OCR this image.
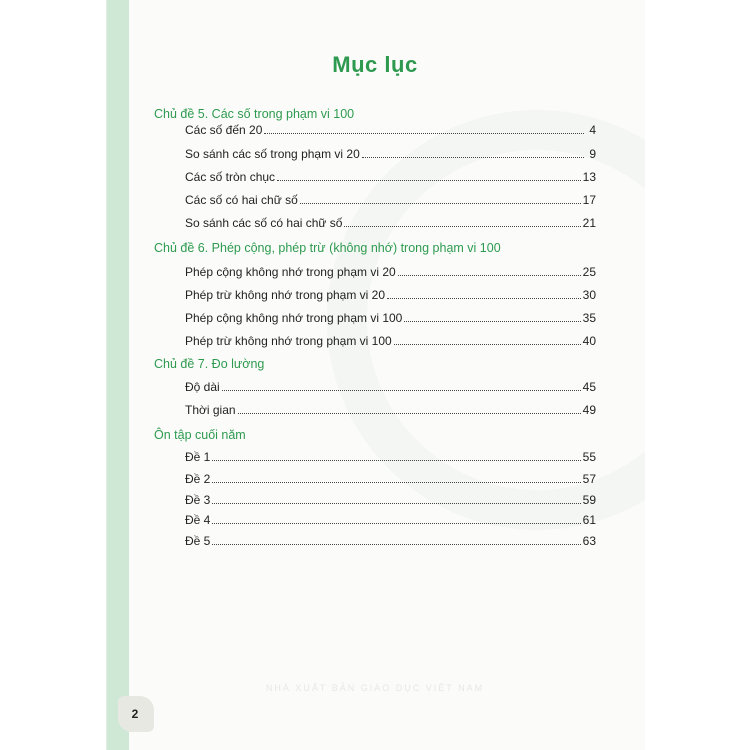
Mục lục
Chủ đề 5. Các số trong phạm vi 100
Các số đến 20	4
So sánh các số trong phạm vi 20	9
Các số tròn chục	13
Các số có hai chữ số	17
So sánh các số có hai chữ số	21
Chủ đề 6. Phép cộng, phép trừ (không nhớ) trong phạm vi 100
Phép cộng không nhớ trong phạm vi 20	25
Phép trừ không nhớ trong phạm vi 20	30
Phép cộng không nhớ trong phạm vi 100	35
Phép trừ không nhớ trong phạm vi 100	40
Chủ đề 7. Đo lường
Độ dài	45
Thời gian	49
Ôn tập cuối năm
Đề 1	55
Đề 2	57
Đề 3	59
Đề 4	61
Đề 5	63
NHÀ XUẤT BẢN GIÁO DỤC VIỆT NAM
2
